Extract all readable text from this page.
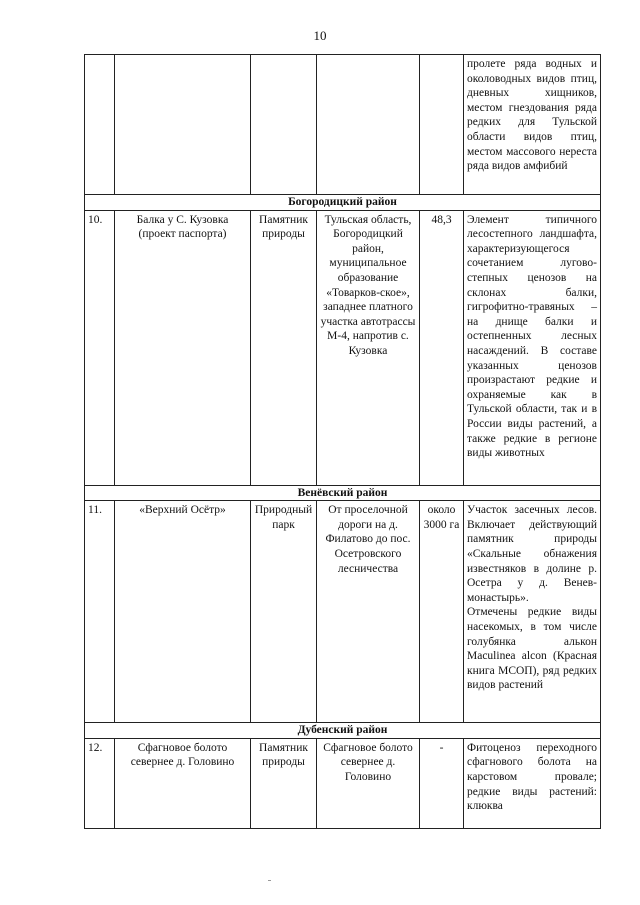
10
					пролете ряда водных и околоводных видов птиц, дневных хищников, местом гнездования ряда редких для Тульской области видов птиц, местом массового нереста ряда видов амфибий
Богородицкий район					
10.	Балка у С. Кузовка (проект паспорта)	Памятник природы	Тульская область, Богородицкий район, муниципальное образование «Товарков-ское», западнее платного участка автотрассы М-4, напротив с. Кузовка	48,3	Элемент типичного лесостепного ландшафта, характеризующегося сочетанием лугово-степных ценозов на склонах балки, гигрофитно-травяных – на днище балки и остепненных лесных насаждений. В составе указанных ценозов произрастают редкие и охраняемые как в Тульской области, так и в России виды растений, а также редкие в регионе виды животных
Венёвский район					
11.	«Верхний Осётр»	Природный парк	От проселочной дороги на д. Филатово до пос. Осетровского лесничества	около 3000 га	Участок засечных лесов. Включает действующий памятник природы «Скальные обнажения известняков в долине р. Осетра у д. Венев-монастырь».

Отмечены редкие виды насекомых, в том числе голубянка алькон Maculinea alcon (Красная книга МСОП), ряд редких видов растений

Дубенский район					
12.	Сфагновое болото севернее д. Головино	Памятник природы	Сфагновое болото севернее д. Головино	-	Фитоценоз переходного сфагнового болота на карстовом провале; редкие виды растений: клюква
